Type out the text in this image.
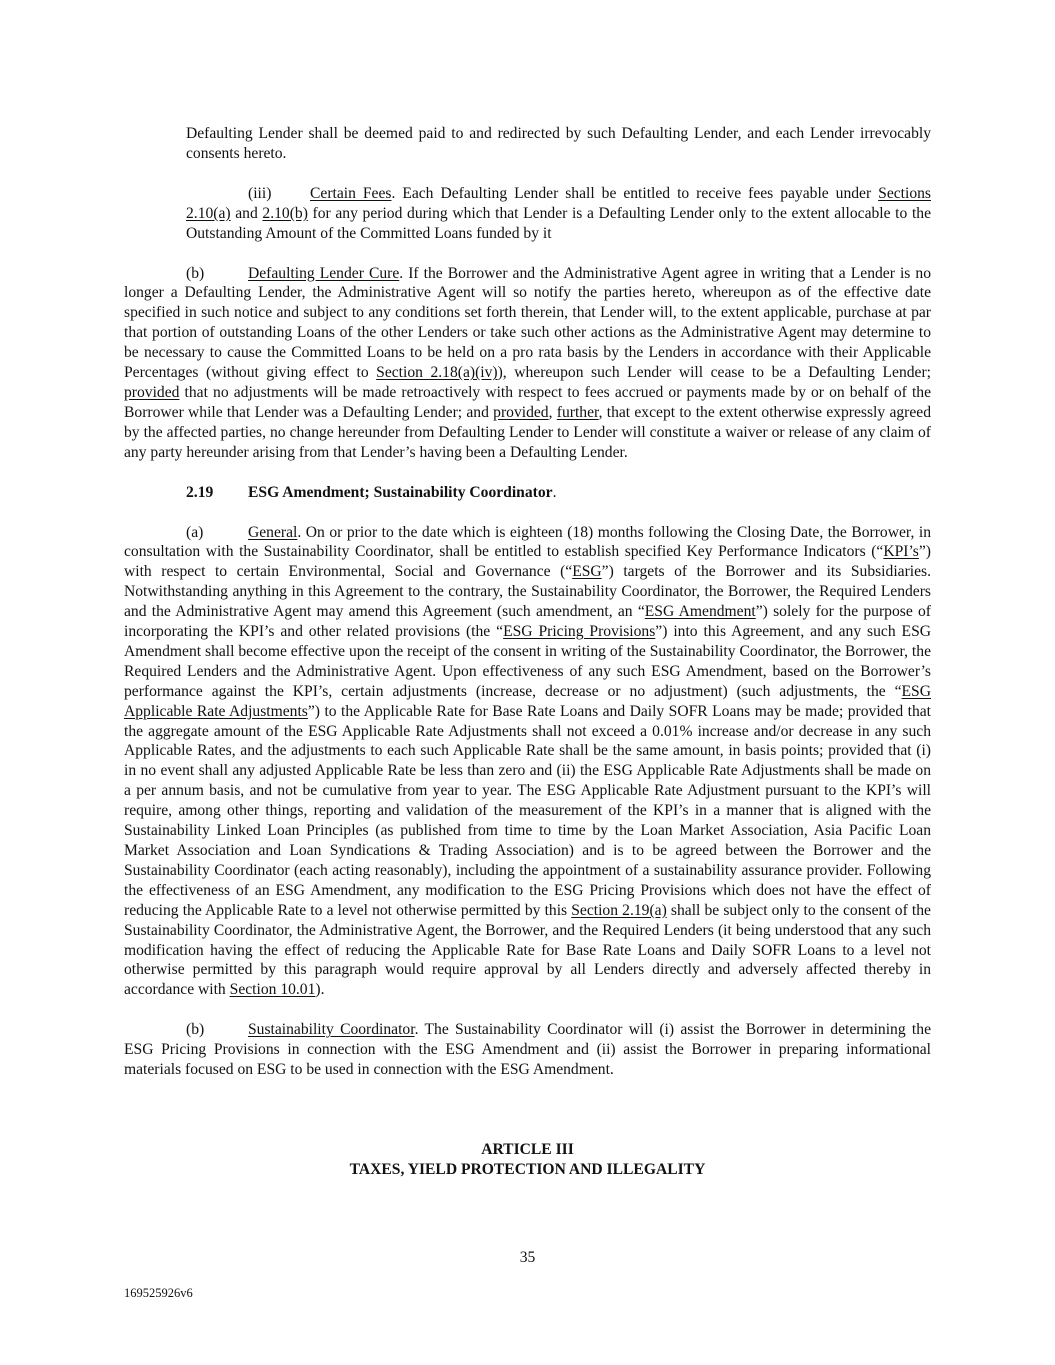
Defaulting Lender shall be deemed paid to and redirected by such Defaulting Lender, and each Lender irrevocably consents hereto.

(iii) Certain Fees. Each Defaulting Lender shall be entitled to receive fees payable under Sections 2.10(a) and 2.10(b) for any period during which that Lender is a Defaulting Lender only to the extent allocable to the Outstanding Amount of the Committed Loans funded by it

(b)	Defaulting Lender Cure. If the Borrower and the Administrative Agent agree in writing that a Lender is no longer a Defaulting Lender, the Administrative Agent will so notify the parties hereto, whereupon as of the effective date specified in such notice and subject to any conditions set forth therein, that Lender will, to the extent applicable, purchase at par that portion of outstanding Loans of the other Lenders or take such other actions as the Administrative Agent may determine to be necessary to cause the Committed Loans to be held on a pro rata basis by the Lenders in accordance with their Applicable Percentages (without giving effect to Section 2.18(a)(iv)), whereupon such Lender will cease to be a Defaulting Lender; provided that no adjustments will be made retroactively with respect to fees accrued or payments made by or on behalf of the Borrower while that Lender was a Defaulting Lender; and provided, further, that except to the extent otherwise expressly agreed by the affected parties, no change hereunder from Defaulting Lender to Lender will constitute a waiver or release of any claim of any party hereunder arising from that Lender’s having been a Defaulting Lender.

2.19 ESG Amendment; Sustainability Coordinator.

(a)	General. On or prior to the date which is eighteen (18) months following the Closing Date, the Borrower, in consultation with the Sustainability Coordinator, shall be entitled to establish specified Key Performance Indicators (“KPI’s”) with respect to certain Environmental, Social and Governance (“ESG”) targets of the Borrower and its Subsidiaries. Notwithstanding anything in this Agreement to the contrary, the Sustainability Coordinator, the Borrower, the Required Lenders and the Administrative Agent may amend this Agreement (such amendment, an “ESG Amendment”) solely for the purpose of incorporating the KPI’s and other related provisions (the “ESG Pricing Provisions”) into this Agreement, and any such ESG Amendment shall become effective upon the receipt of the consent in writing of the Sustainability Coordinator, the Borrower, the Required Lenders and the Administrative Agent. Upon effectiveness of any such ESG Amendment, based on the Borrower’s performance against the KPI’s, certain adjustments (increase, decrease or no adjustment) (such adjustments, the “ESG Applicable Rate Adjustments”) to the Applicable Rate for Base Rate Loans and Daily SOFR Loans may be made; provided that the aggregate amount of the ESG Applicable Rate Adjustments shall not exceed a 0.01% increase and/or decrease in any such Applicable Rates, and the adjustments to each such Applicable Rate shall be the same amount, in basis points; provided that (i) in no event shall any adjusted Applicable Rate be less than zero and (ii) the ESG Applicable Rate Adjustments shall be made on a per annum basis, and not be cumulative from year to year. The ESG Applicable Rate Adjustment pursuant to the KPI’s will require, among other things, reporting and validation of the measurement of the KPI’s in a manner that is aligned with the Sustainability Linked Loan Principles (as published from time to time by the Loan Market Association, Asia Pacific Loan Market Association and Loan Syndications & Trading Association) and is to be agreed between the Borrower and the Sustainability Coordinator (each acting reasonably), including the appointment of a sustainability assurance provider. Following the effectiveness of an ESG Amendment, any modification to the ESG Pricing Provisions which does not have the effect of reducing the Applicable Rate to a level not otherwise permitted by this Section 2.19(a) shall be subject only to the consent of the Sustainability Coordinator, the Administrative Agent, the Borrower, and the Required Lenders (it being understood that any such modification having the effect of reducing the Applicable Rate for Base Rate Loans and Daily SOFR Loans to a level not otherwise permitted by this paragraph would require approval by all Lenders directly and adversely affected thereby in accordance with Section 10.01).

(b)	Sustainability Coordinator. The Sustainability Coordinator will (i) assist the Borrower in determining the ESG Pricing Provisions in connection with the ESG Amendment and (ii) assist the Borrower in preparing informational materials focused on ESG to be used in connection with the ESG Amendment.

ARTICLE III

TAXES, YIELD PROTECTION AND ILLEGALITY

35
169525926v6
